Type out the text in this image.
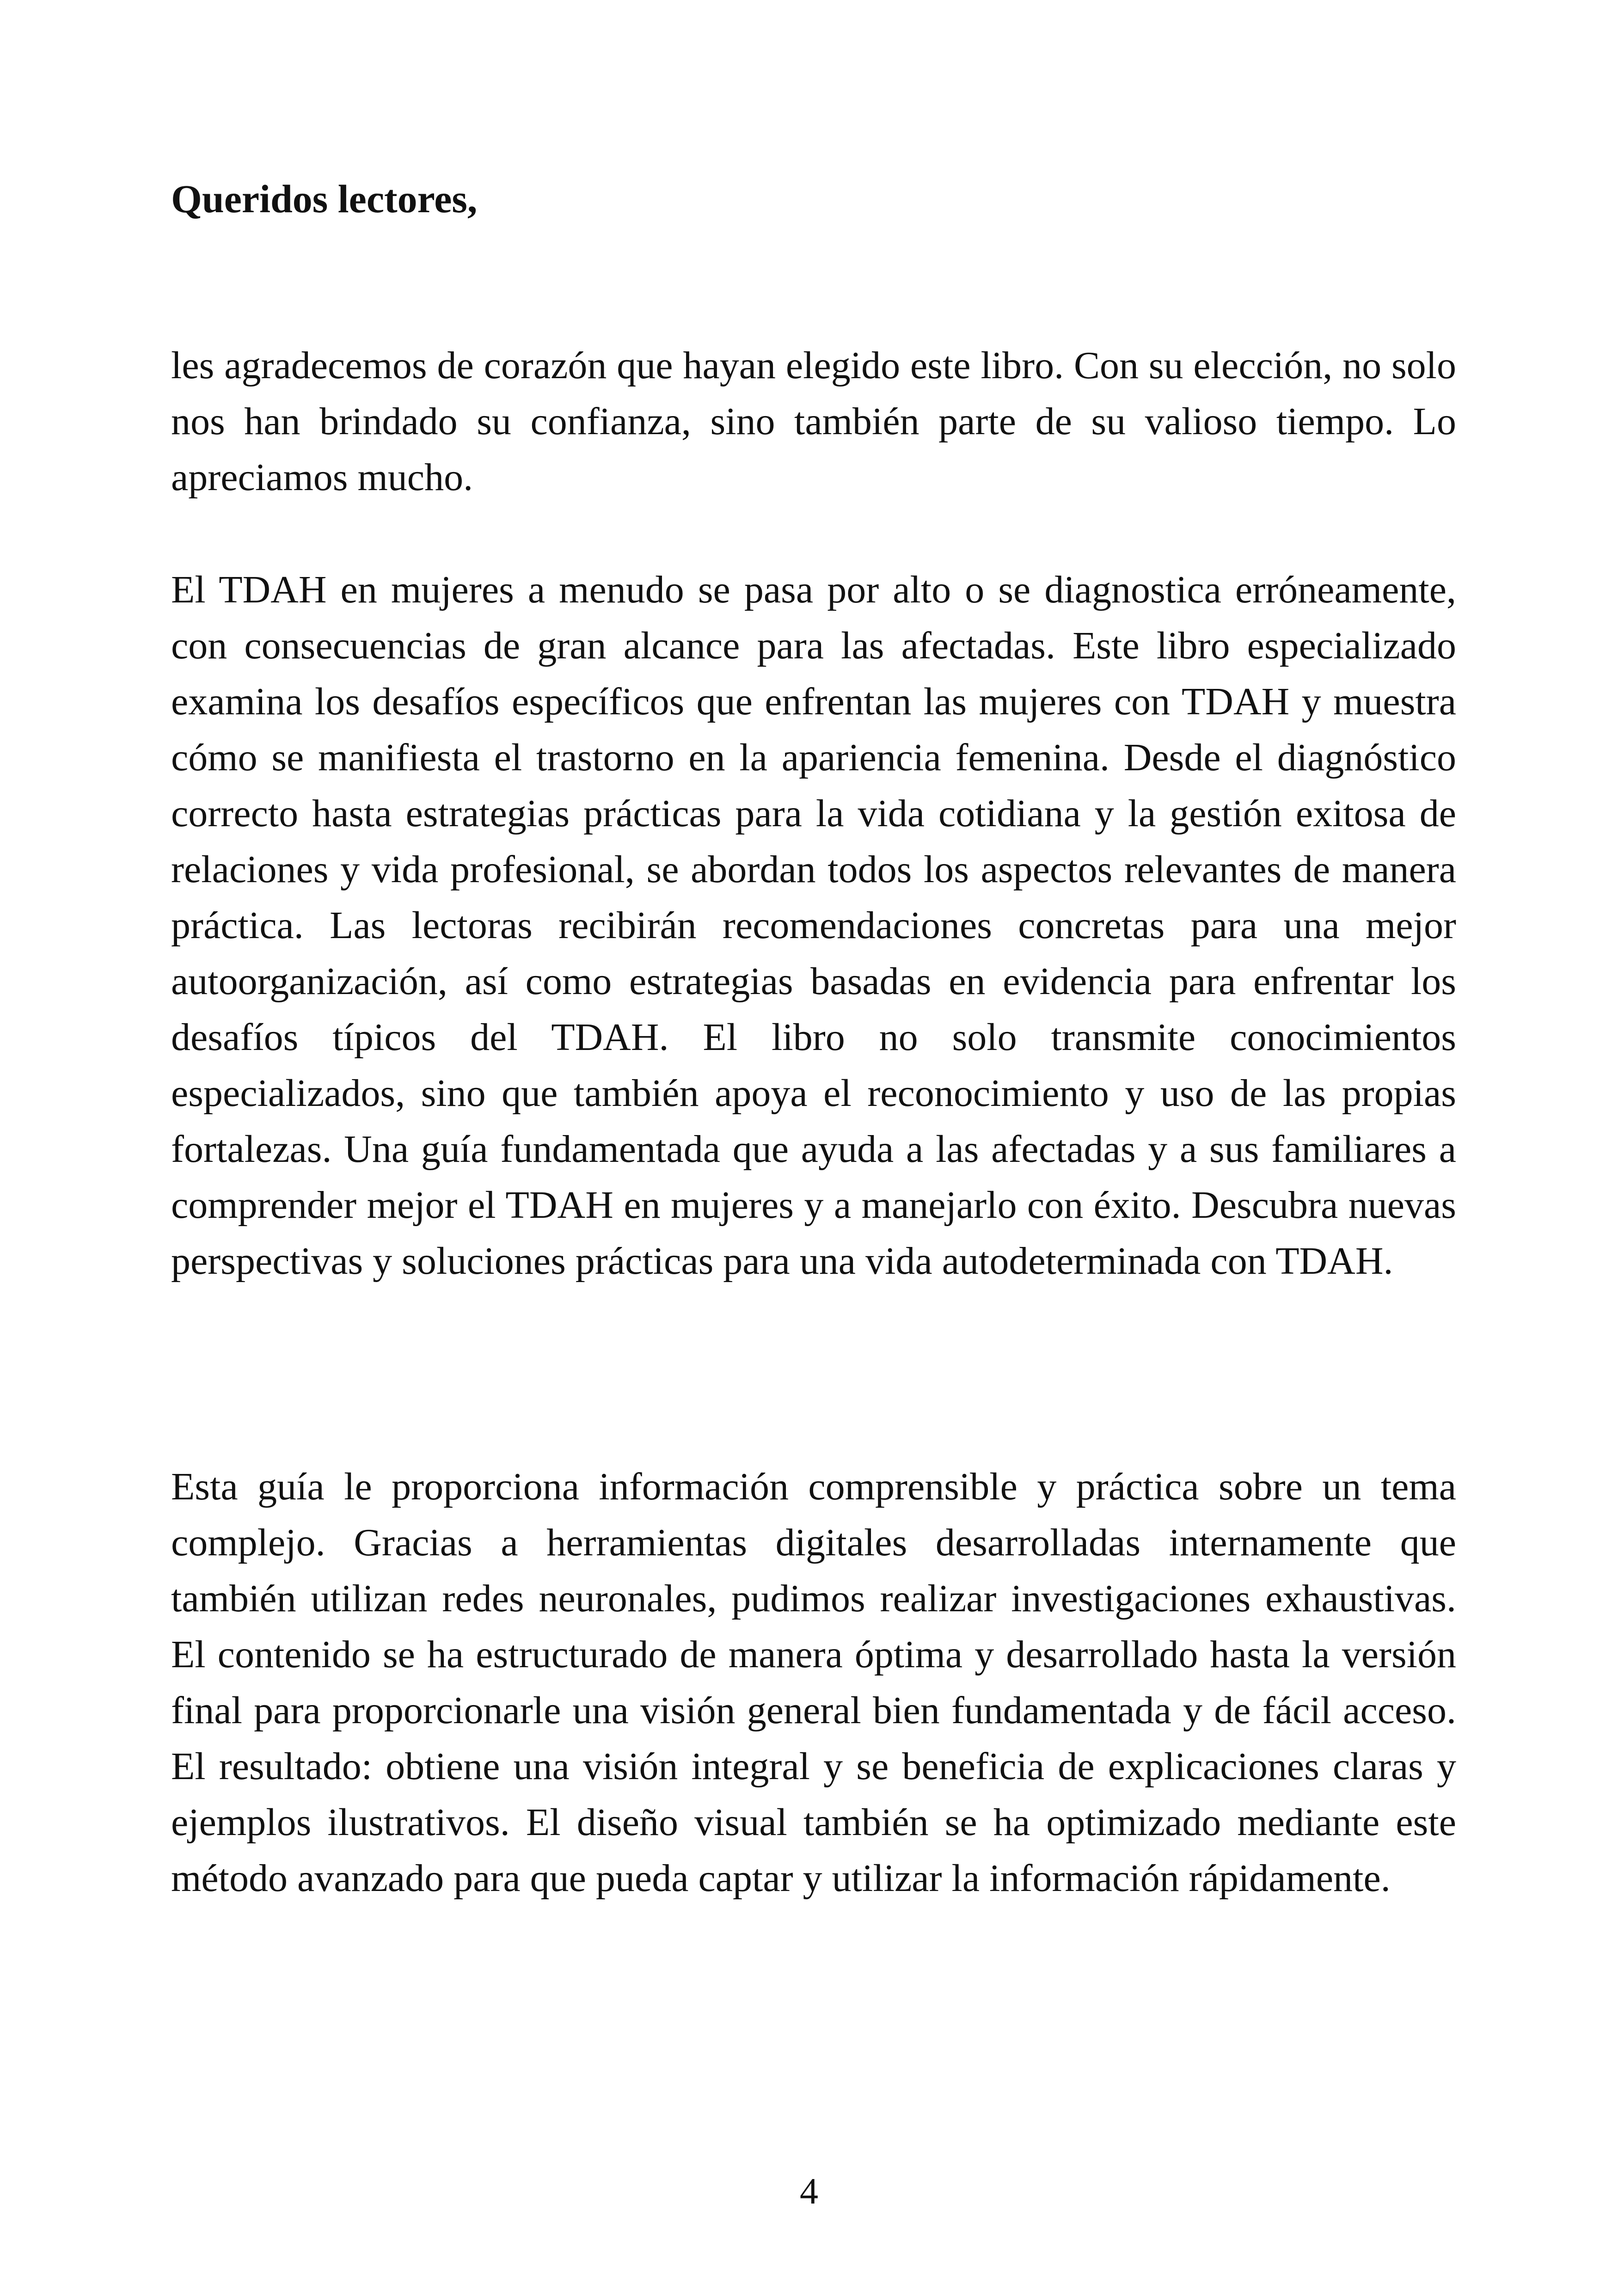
Queridos lectores,

les agradecemos de corazón que hayan elegido este libro. Con su elección, no solo nos han brindado su confianza, sino también parte de su valioso tiempo. Lo apreciamos mucho.

El TDAH en mujeres a menudo se pasa por alto o se diagnostica erróneamente, con consecuencias de gran alcance para las afectadas. Este libro especializado examina los desafíos específicos que enfrentan las mujeres con TDAH y muestra cómo se manifiesta el trastorno en la apariencia femenina. Desde el diagnóstico correcto hasta estrategias prácticas para la vida cotidiana y la gestión exitosa de relaciones y vida profesional, se abordan todos los aspectos relevantes de manera práctica. Las lectoras recibirán recomendaciones concretas para una mejor autoorganización, así como estrategias basadas en evidencia para enfrentar los desafíos típicos del TDAH. El libro no solo transmite conocimientos especializados, sino que también apoya el reconocimiento y uso de las propias fortalezas. Una guía fundamentada que ayuda a las afectadas y a sus familiares a comprender mejor el TDAH en mujeres y a manejarlo con éxito. Descubra nuevas perspectivas y soluciones prácticas para una vida autodeterminada con TDAH.

Esta guía le proporciona información comprensible y práctica sobre un tema complejo. Gracias a herramientas digitales desarrolladas internamente que también utilizan redes neuronales, pudimos realizar investigaciones exhaustivas. El contenido se ha estructurado de manera óptima y desarrollado hasta la versión final para proporcionarle una visión general bien fundamentada y de fácil acceso. El resultado: obtiene una visión integral y se beneficia de explicaciones claras y ejemplos ilustrativos. El diseño visual también se ha optimizado mediante este método avanzado para que pueda captar y utilizar la información rápidamente.

4
